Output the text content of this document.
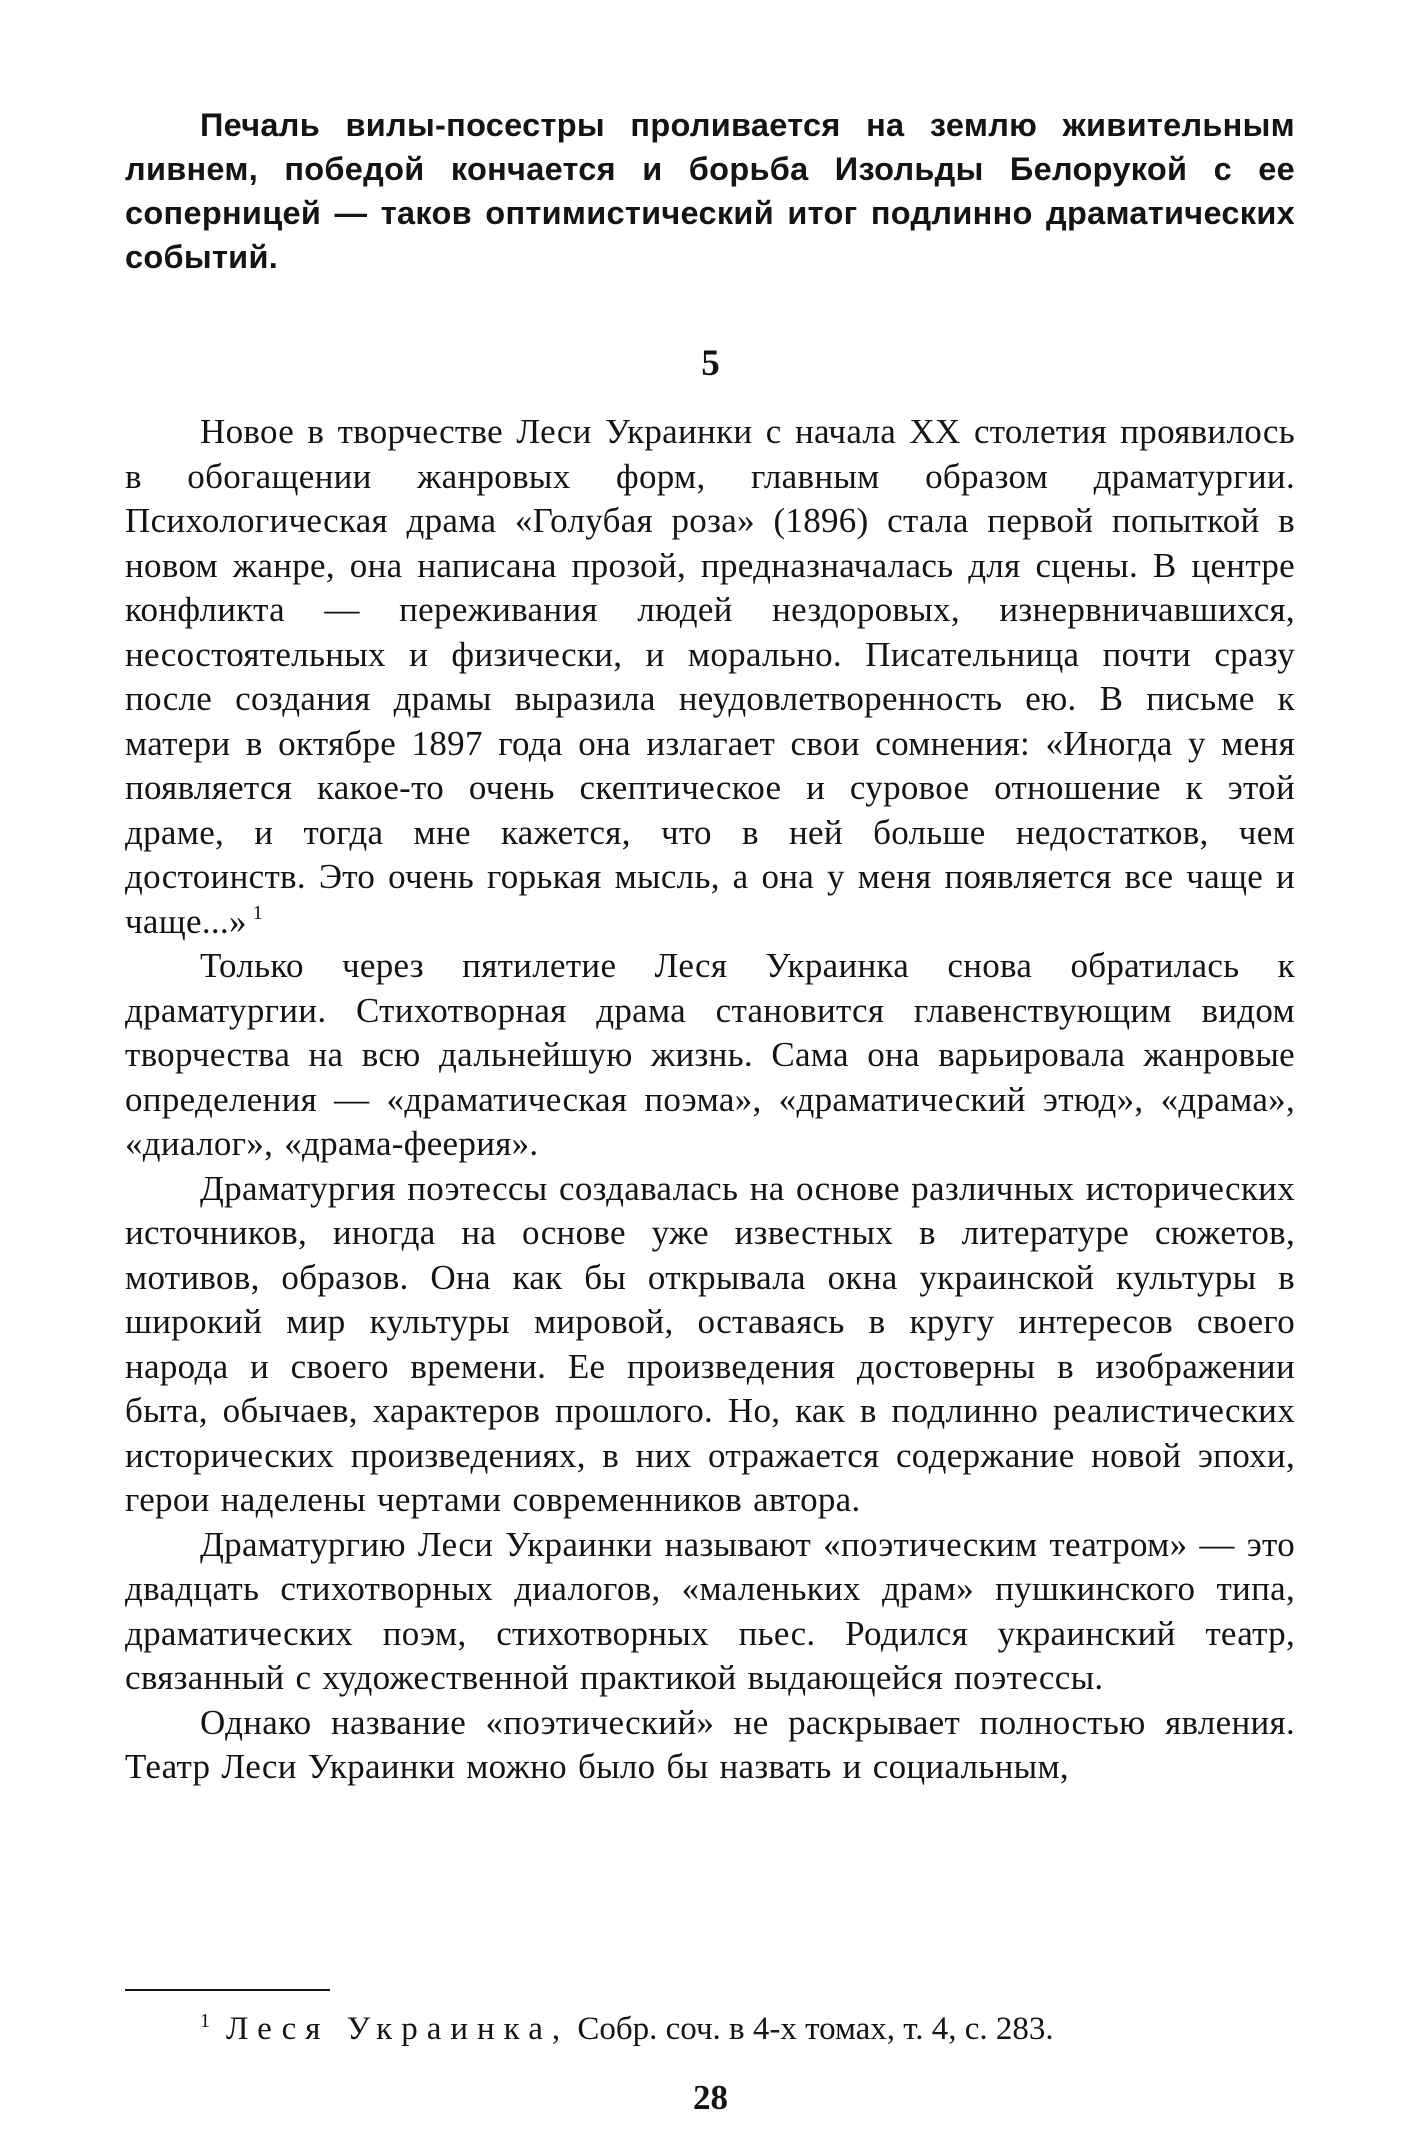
Печаль вилы-посестры проливается на землю живительным ливнем, победой кончается и борьба Изольды Белорукой с ее соперницей — таков оптимистический итог подлинно драматических событий.

5

Новое в творчестве Леси Украинки с начала XX столетия проявилось в обогащении жанровых форм, главным образом драматургии. Психологическая драма «Голубая роза» (1896) стала первой попыткой в новом жанре, она написана прозой, предназначалась для сцены. В центре конфликта — переживания людей нездоровых, изнервничавшихся, несостоятельных и физически, и морально. Писательница почти сразу после создания драмы выразила неудовлетворенность ею. В письме к матери в октябре 1897 года она излагает свои сомнения: «Иногда у меня появляется какое-то очень скептическое и суровое отношение к этой драме, и тогда мне кажется, что в ней больше недостатков, чем достоинств. Это очень горькая мысль, а она у меня появляется все чаще и чаще...» $^1$

Только через пятилетие Леся Украинка снова обратилась к драматургии. Стихотворная драма становится главенствующим видом творчества на всю дальнейшую жизнь. Сама она варьировала жанровые определения — «драматическая поэма», «драматический этюд», «драма», «диалог», «драма-феерия».

Драматургия поэтессы создавалась на основе различных исторических источников, иногда на основе уже известных в литературе сюжетов, мотивов, образов. Она как бы открывала окна украинской культуры в широкий мир культуры мировой, оставаясь в кругу интересов своего народа и своего времени. Ее произведения достоверны в изображении быта, обычаев, характеров прошлого. Но, как в подлинно реалистических исторических произведениях, в них отражается содержание новой эпохи, герои наделены чертами современников автора.

Драматургию Леси Украинки называют «поэтическим театром» — это двадцать стихотворных диалогов, «маленьких драм» пушкинского типа, драматических поэм, стихотворных пьес. Родился украинский театр, связанный с художественной практикой выдающейся поэтессы.

Однако название «поэтический» не раскрывает полностью явления. Театр Леси Украинки можно было бы назвать и социальным,

$^1$ Леся Украинка, Собр. соч. в 4-х томах, т. 4, с. 283.

28
